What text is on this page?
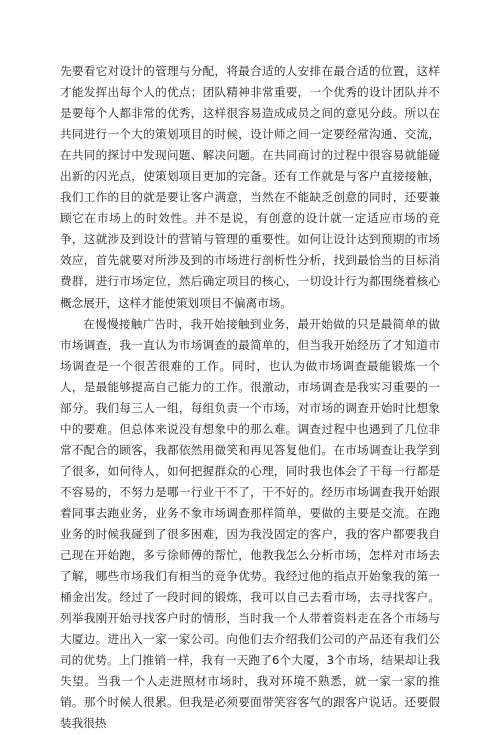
先要看它对设计的管理与分配，将最合适的人安排在最合适的位置，这样才能发挥出每个人的优点；团队精神非常重要，一个优秀的设计团队并不是要每个人都非常的优秀，这样很容易造成成员之间的意见分歧。所以在共同进行一个大的策划项目的时候，设计师之间一定要经常沟通、交流，在共同的探讨中发现问题、解决问题。在共同商讨的过程中很容易就能碰出新的闪光点，使策划项目更加的完备。还有工作就是与客户直接接触，我们工作的目的就是要让客户满意，当然在不能缺乏创意的同时，还要兼顾它在市场上的时效性。并不是说，有创意的设计就一定适应市场的竞争，这就涉及到设计的营销与管理的重要性。如何让设计达到预期的市场效应，首先就要对所涉及到的市场进行剖析性分析，找到最恰当的目标消费群，进行市场定位，然后确定项目的核心，一切设计行为都围绕着核心概念展开，这样才能使策划项目不偏离市场。

在慢慢接触广告时，我开始接触到业务，最开始做的只是最简单的做市场调查，我一直认为市场调查的最简单的，但当我开始经历了才知道市场调查是一个很苦很难的工作。同时，也认为做市场调查最能锻炼一个人，是最能够提高自己能力的工作。很激动，市场调查是我实习重要的一部分。我们每三人一组，每组负责一个市场，对市场的调查开始时比想象中的要难。但总体来说没有想象中的那么难。调查过程中也遇到了几位非常不配合的顾客，我都依然用微笑和再见答复他们。在市场调查让我学到了很多，如何待人，如何把握群众的心理，同时我也体会了干每一行都是不容易的，不努力是哪一行业干不了，干不好的。经历市场调查我开始跟着同事去跑业务，业务不象市场调查那样简单，要做的主要是交流。在跑业务的时候我碰到了很多困难，因为我没固定的客户，我的客户都要我自己现在开始跑，多亏徐师傅的帮忙，他教我怎么分析市场，怎样对市场去了解，哪些市场我们有相当的竞争优势。我经过他的指点开始象我的第一桶金出发。经过了一段时间的锻炼，我可以自己去看市场，去寻找客户。列举我刚开始寻找客户时的情形，当时我一个人带着资料走在各个市场与大厦边。进出入一家一家公司。向他们去介绍我们公司的产品还有我们公司的优势。上门推销一样，我有一天跑了6个大厦，3个市场，结果却让我失望。当我一个人走进照材市场时，我对环境不熟悉，就一家一家的推销。那个时候人很累。但我是必须要面带笑容客气的跟客户说话。还要假装我很热
